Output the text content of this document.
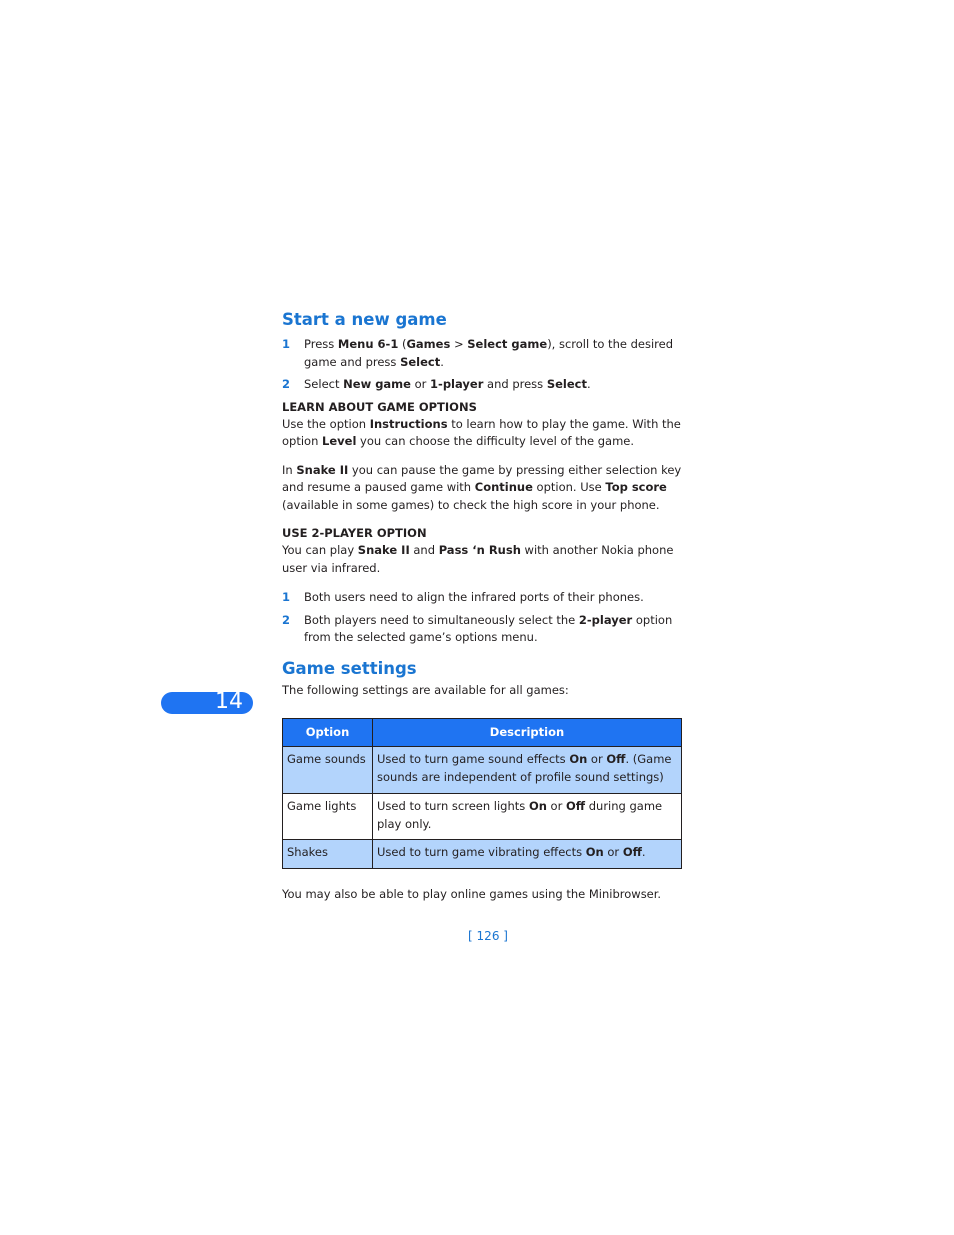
14
Start a new game
1	Press Menu 6-1 (Games > Select game), scroll to the desired game and press Select.
2	Select New game or 1-player and press Select.

LEARN ABOUT GAME OPTIONS

Use the option Instructions to learn how to play the game. With the option Level you can choose the difficulty level of the game.

In Snake II you can pause the game by pressing either selection key and resume a paused game with Continue option. Use Top score (available in some games) to check the high score in your phone.

USE 2-PLAYER OPTION

You can play Snake II and Pass ‘n Rush with another Nokia phone user via infrared.

1	Both users need to align the infrared ports of their phones.
2	Both players need to simultaneously select the 2-player option from the selected game’s options menu.
Game settings

The following settings are available for all games:

Option	Description
Game sounds	Used to turn game sound effects On or Off. (Game sounds are independent of profile sound settings)
Game lights	Used to turn screen lights On or Off during game play only.
Shakes	Used to turn game vibrating effects On or Off.

You may also be able to play online games using the Minibrowser.

[ 126 ]
